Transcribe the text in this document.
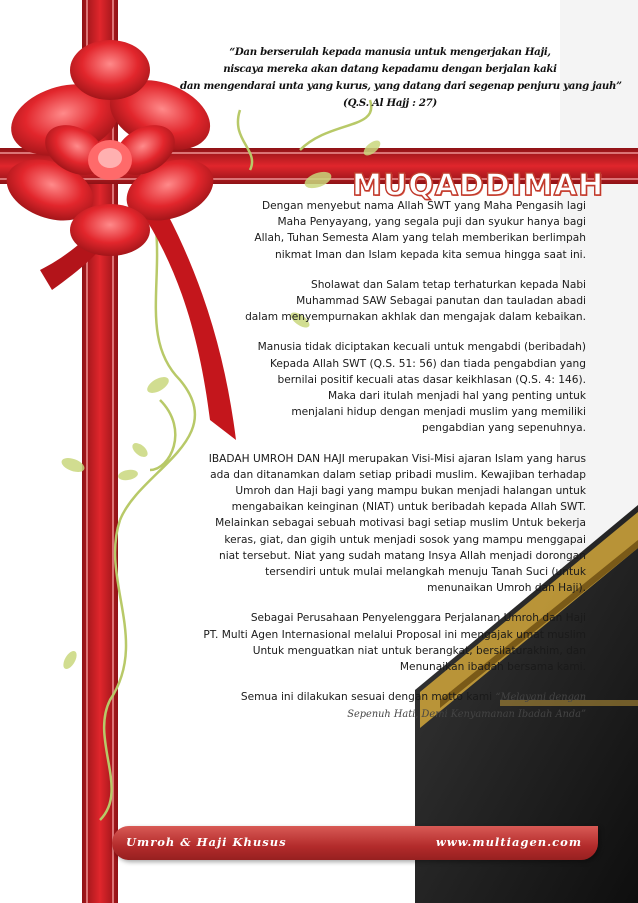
“Dan berserulah kepada manusia untuk mengerjakan Haji,
niscaya mereka akan datang kepadamu dengan berjalan kaki
dan mengendarai unta yang kurus, yang datang dari segenap penjuru yang jauh”
(Q.S. Al Hajj : 27)
MUQADDIMAH
Dengan menyebut nama Allah SWT yang Maha Pengasih lagi
Maha Penyayang, yang segala puji dan syukur hanya bagi
Allah, Tuhan Semesta Alam yang telah memberikan berlimpah
nikmat Iman dan Islam kepada kita semua hingga saat ini.
Sholawat dan Salam tetap terhaturkan kepada Nabi
Muhammad SAW Sebagai panutan dan tauladan abadi
dalam menyempurnakan akhlak dan mengajak dalam kebaikan.
Manusia tidak diciptakan kecuali untuk mengabdi (beribadah)
Kepada Allah SWT (Q.S. 51: 56) dan tiada pengabdian yang
bernilai positif kecuali atas dasar keikhlasan (Q.S. 4: 146).
Maka dari itulah menjadi hal yang penting untuk
menjalani hidup dengan menjadi muslim yang memiliki
pengabdian yang sepenuhnya.
IBADAH UMROH DAN HAJI merupakan Visi-Misi ajaran Islam yang harus
ada dan ditanamkan dalam setiap pribadi muslim. Kewajiban terhadap
Umroh dan Haji bagi yang mampu bukan menjadi halangan untuk
mengabaikan keinginan (NIAT) untuk beribadah kepada Allah SWT.
Melainkan sebagai sebuah motivasi bagi setiap muslim Untuk bekerja
keras, giat, dan gigih untuk menjadi sosok yang mampu menggapai
niat tersebut. Niat yang sudah matang Insya Allah menjadi dorongan
tersendiri untuk mulai melangkah menuju Tanah Suci (untuk
menunaikan Umroh dan Haji).
Sebagai Perusahaan Penyelenggara Perjalanan Umroh dan Haji
PT. Multi Agen Internasional melalui Proposal ini mengajak umat muslim
Untuk menguatkan niat untuk berangkat, bersilaturakhim, dan
Menunaikan ibadah bersama kami.
Semua ini dilakukan sesuai dengan motto kami “Melayani dengan
Sepenuh Hati, Demi Kenyamanan Ibadah Anda”
Umroh & Haji Khusus	www.multiagen.com
